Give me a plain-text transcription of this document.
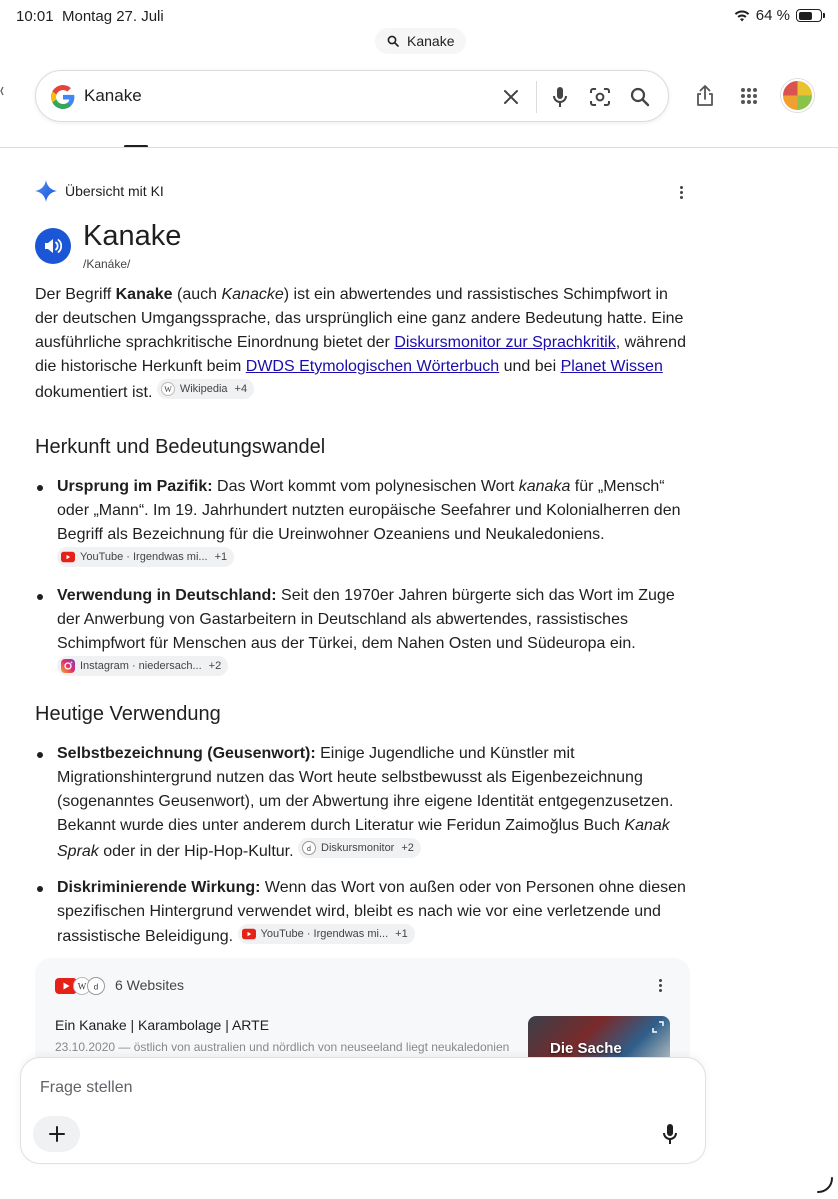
10:01 Montag 27. Juli	64 %
Kanake
Kanake
Übersicht mit KI
Kanake
/Kanáke/

Der Begriff Kanake (auch Kanacke) ist ein abwertendes und rassistisches Schimpfwort in der deutschen Umgangssprache, das ursprünglich eine ganz andere Bedeutung hatte. Eine ausführliche sprachkritische Einordnung bietet der Diskursmonitor zur Sprachkritik, während die historische Herkunft beim DWDS Etymologischen Wörterbuch und bei Planet Wissen dokumentiert ist. W Wikipedia +4

Herkunft und Bedeutungswandel
Ursprung im Pazifik: Das Wort kommt vom polynesischen Wort kanaka für „Mensch“ oder „Mann“. Im 19. Jahrhundert nutzten europäische Seefahrer und Kolonialherren den Begriff als Bezeichnung für die Ureinwohner Ozeaniens und Neukaledoniens.
YouTube · Irgendwas mi... +1
Verwendung in Deutschland: Seit den 1970er Jahren bürgerte sich das Wort im Zuge der Anwerbung von Gastarbeitern in Deutschland als abwertendes, rassistisches Schimpfwort für Menschen aus der Türkei, dem Nahen Osten und Südeuropa ein.
Instagram · niedersach... +2
Heutige Verwendung
Selbstbezeichnung (Geusenwort): Einige Jugendliche und Künstler mit Migrationshintergrund nutzen das Wort heute selbstbewusst als Eigenbezeichnung (sogenanntes Geusenwort), um der Abwertung ihre eigene Identität entgegenzusetzen. Bekannt wurde dies unter anderem durch Literatur wie Feridun Zaimoğlus Buch Kanak Sprak oder in der Hip-Hop-Kultur. d Diskursmonitor +2
Diskriminierende Wirkung: Wenn das Wort von außen oder von Personen ohne diesen spezifischen Hintergrund verwendet wird, bleibt es nach wie vor eine verletzende und rassistische Beleidigung. YouTube · Irgendwas mi... +1
W d 6 Websites
Ein Kanake | Karambolage | ARTE
23.10.2020 — östlich von australien und nördlich von neuseeland liegt neukaledonien	Die Sache
Frage stellen
